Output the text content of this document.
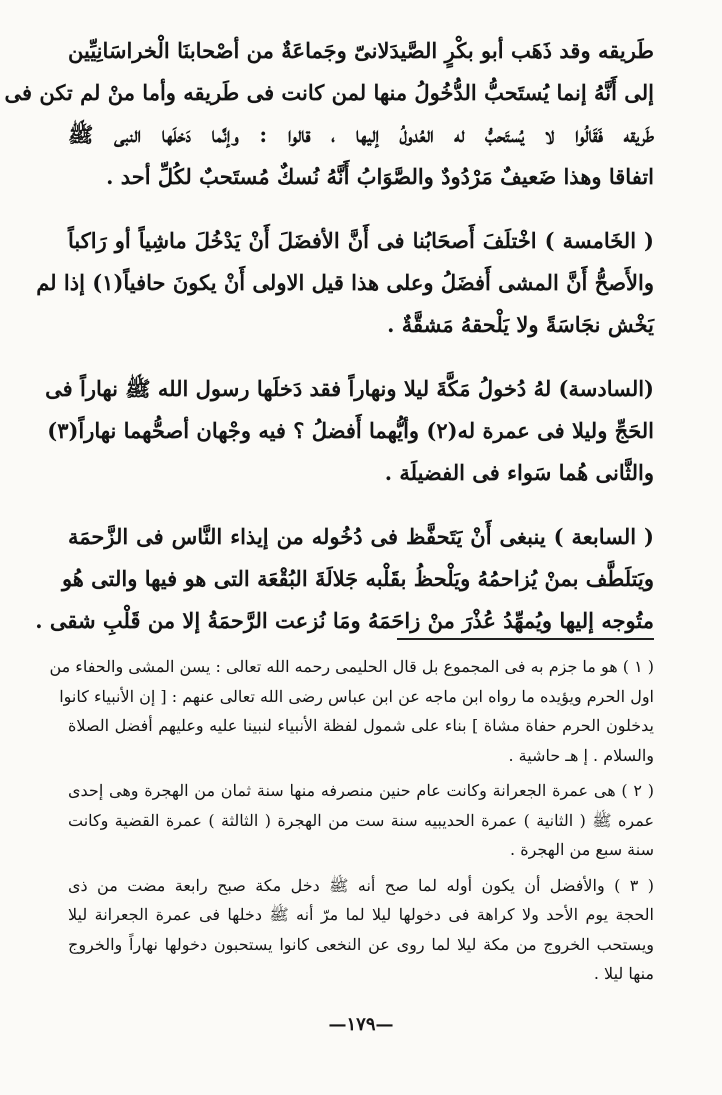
طَريقه وقد ذَهَب أبو بكْرٍ الصَّيدَلانىّ وجَماعَةٌ من أصْحابنَا الْخراسَانِيِّين
إلى أَنَّهُ إنما يُستَحبُّ الدُّخُولُ منها لمن كانت فى طَريقه وأما منْ لم تكن فى
طَريقه فَقَالُوا لا يُستَحبُّ له العُدولُ إليها ، قالوا : وإنَّما دَخلَها النبى ﷺ
اتفاقا وهذا ضَعيفٌ مَرْدُودٌ والصَّوَابُ أَنَّهُ نُسكٌ مُستَحبٌ لكُلِّ أحد .

( الخَامسة ) اخْتلَفَ أَصحَابُنا فى أَنَّ الأفضَلَ أَنْ يَدْخُلَ ماشِياً أو رَاكباً
والأَصحُّ أَنَّ المشى أَفضَلُ وعلى هذا قيل الاولى أَنْ يكونَ حافياً(١) إذا لم
يَخْش نجَاسَةً ولا يَلْحقهُ مَشقَّةٌ .

(السادسة) لهُ دُخولُ مَكَّةَ ليلا ونهاراً فقد دَخلَها رسول الله ﷺ نهاراً فى
الحَجِّ وليلا فى عمرة له(٢) وأيُّهما أَفضلُ ؟ فيه وجْهان أصحُّهما نهاراً(٣)
والثَّانى هُما سَواء فى الفضيلَة .

( السابعة ) ينبغى أَنْ يَتَحفَّظ فى دُخُوله من إيذاء النَّاس فى الزَّحمَة
ويَتلَطَّف بمنْ يُزاحمُهُ ويَلْحظُ بقَلْبه جَلالَةَ البُقْعَة التى هو فيها والتى هُو
متُوجه إليها ويُمهِّدُ عُذْرَ منْ زاحَمَهُ ومَا نُزعت الرَّحمَةُ إلا من قَلْبِ شقى .

( ١ ) هو ما جزم به فى المجموع بل قال الحليمى رحمه الله تعالى : يسن المشى والحفاء من
اول الحرم ويؤيده ما رواه ابن ماجه عن ابن عباس رضى الله تعالى عنهم : [ إن الأنبياء كانوا
يدخلون الحرم حفاة مشاة ] بناء على شمول لفظة الأنبياء لنبينا عليه وعليهم أفضل الصلاة
والسلام . إ هـ حاشية .

( ٢ ) هى عمرة الجعرانة وكانت عام حنين منصرفه منها سنة ثمان من الهجرة وهى إحدى
عمره ﷺ ( الثانية ) عمرة الحديبيه سنة ست من الهجرة ( الثالثة ) عمرة القضية وكانت
سنة سبع من الهجرة .

( ٣ ) والأفضل أن يكون أوله لما صح أنه ﷺ دخل مكة صبح رابعة مضت من ذى
الحجة يوم الأحد ولا كراهة فى دخولها ليلا لما مرّ أنه ﷺ دخلها فى عمرة الجعرانة ليلا
ويستحب الخروج من مكة ليلا لما روى عن النخعى كانوا يستحبون دخولها نهاراً والخروج
منها ليلا .

—١٧٩—
